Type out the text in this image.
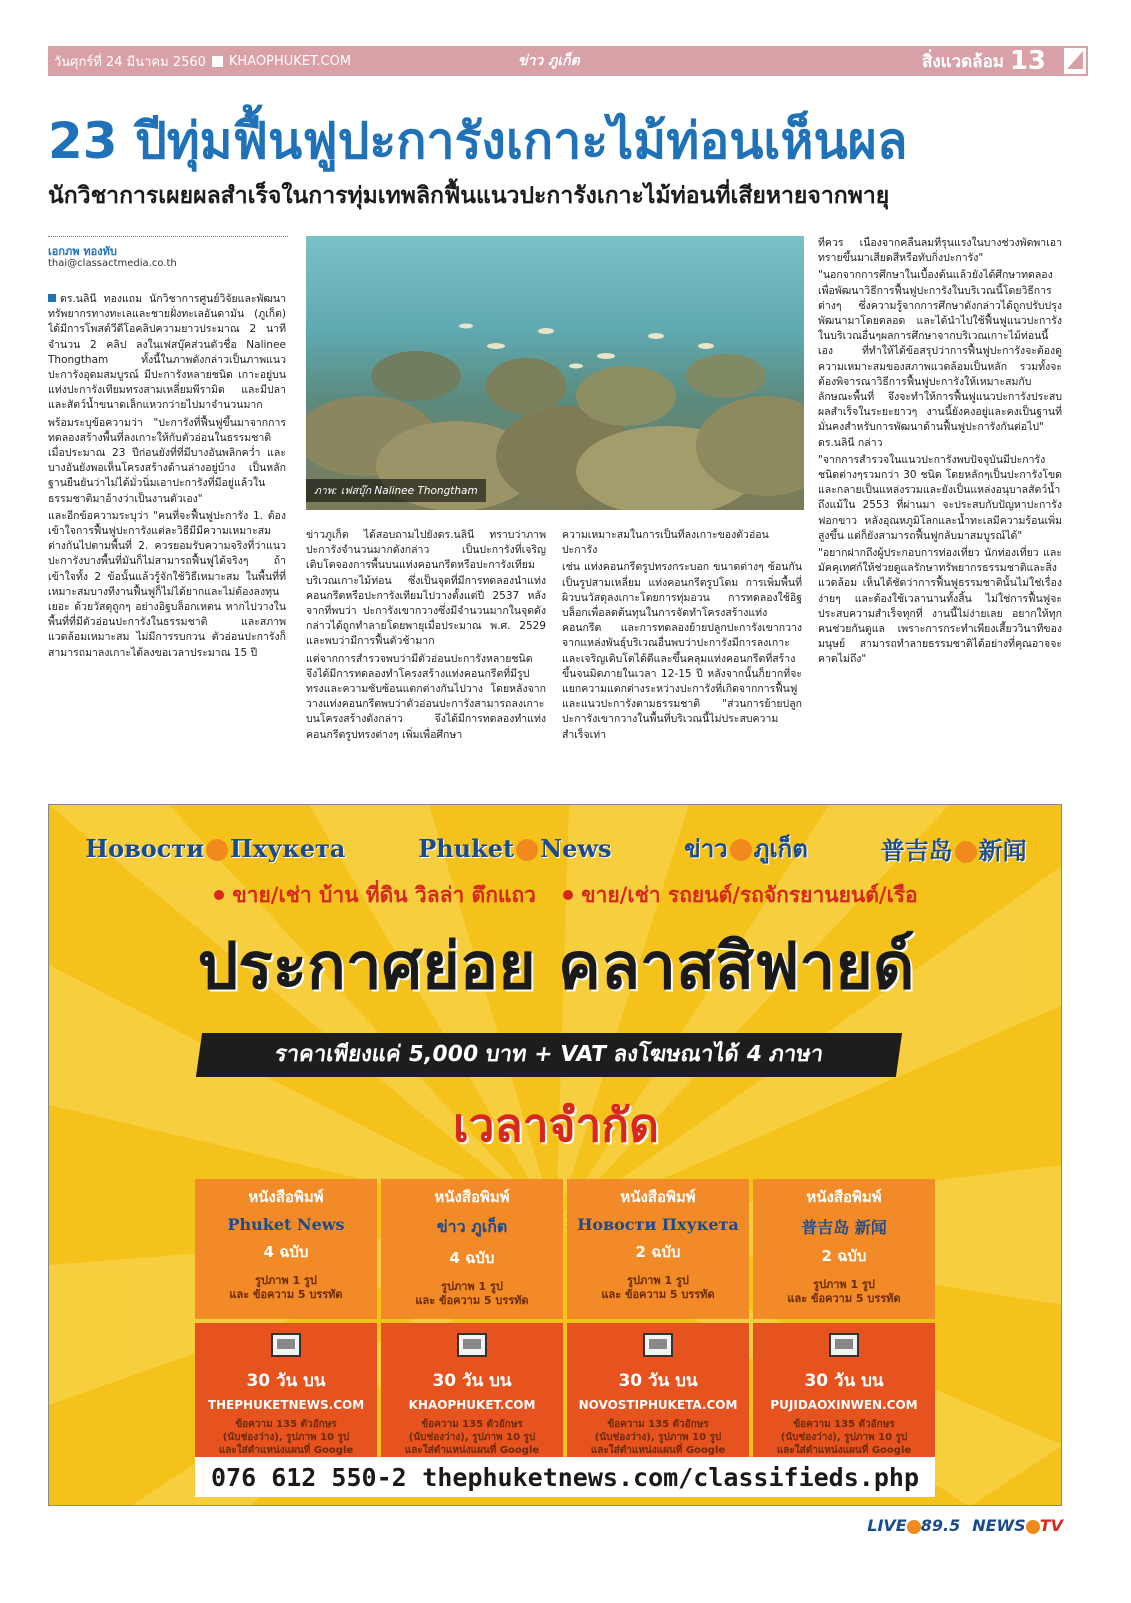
วันศุกร์ที่ 24 มีนาคม 2560 KHAOPHUKET.COM	ข่าว ภูเก็ต	สิ่งแวดล้อม 13
23 ปีทุ่มฟื้นฟูปะการังเกาะไม้ท่อนเห็นผล
นักวิชาการเผยผลสำเร็จในการทุ่มเทพลิกฟื้นแนวปะการังเกาะไม้ท่อนที่เสียหายจากพายุ
เอกภพ ทองทับ
thai@classactmedia.co.th

ดร.นลินี ทองแถม นักวิชาการศูนย์วิจัยและพัฒนาทรัพยากรทางทะเลและชายฝั่งทะเลอันดามัน (ภูเก็ต) ได้มีการโพสต์วีดีโอคลิปความยาวประมาณ 2 นาที จำนวน 2 คลิป ลงในเฟสบุ๊คส่วนตัวชื่อ Nalinee Thongtham ทั้งนี้ในภาพดังกล่าวเป็นภาพแนวปะการังอุดมสมบูรณ์ มีปะการังหลายชนิด เกาะอยู่บนแท่งปะการังเทียมทรงสามเหลี่ยมพีรามิด และมีปลาและสัตว์น้ำขนาดเล็กแหวกว่ายไปมาจำนวนมาก

พร้อมระบุข้อความว่า "ปะการังที่ฟื้นฟูขึ้นมาจากการทดลองสร้างพื้นที่ลงเกาะให้กับตัวอ่อนในธรรมชาติ เมื่อประมาณ 23 ปีก่อนยังที่ที่มีบางอันพลิกคว่ำ และบางอันยังพอเห็นโครงสร้างด้านล่างอยู่บ้าง เป็นหลักฐานยืนยันว่าไม่ได้มั่วนิ่มเอาปะการังที่มีอยู่แล้วในธรรมชาติมาอ้างว่าเป็นงานตัวเอง"

และอีกข้อความระบุว่า "คนที่จะฟื้นฟูปะการัง 1. ต้องเข้าใจการฟื้นฟูปะการังแต่ละวิธีมีมีความเหมาะสมต่างกันไปตามพื้นที่ 2. ควรยอมรับความจริงที่ว่าแนวปะการังบางพื้นที่มันก็ไม่สามารถฟื้นฟูได้จริงๆ ถ้าเข้าใจทั้ง 2 ข้อนั้นแล้วรู้จักใช้วิธีเหมาะสม ในพื้นที่ที่เหมาะสมบางทีงานฟื้นฟูก็ไม่ได้ยากและไม่ต้องลงทุนเยอะ ด้วยวัสดุถูกๆ อย่างอิฐบล็อกเหตน หากไปวางในพื้นที่ที่มีตัวอ่อนปะการังในธรรมชาติ และสภาพแวดล้อมเหมาะสม ไม่มีการรบกวน ตัวอ่อนปะการังก็สามารถมาลงเกาะได้ลงขอเวลาประมาณ 15 ปี

ภาพ: เฟสบุ๊ก Nalinee Thongtham

ข่าวภูเก็ต ได้สอบถามไปยังดร.นลินี ทราบว่าภาพปะการังจำนวนมากดังกล่าว เป็นปะการังที่เจริญเติบโตจองการพื้นบนแท่งคอนกรีตหรือปะการังเทียมบริเวณเกาะไม้ท่อน ซึ่งเป็นจุดที่มีการทดลองนำแท่งคอนกรีตหรือปะการังเทียมไปวางตั้งแต่ปี 2537 หลังจากที่พบว่า ปะการังเขากวางซึ่งมีจำนวนมากในจุดดังกล่าวได้ถูกทำลายโดยพายุเมื่อประมาณ พ.ศ. 2529 และพบว่ามีการฟื้นตัวช้ามาก

แต่จากการสำรวจพบว่ามีตัวอ่อนปะการังหลายชนิด จึงได้มีการทดลองทำโครงสร้างแท่งคอนกรีตที่มีรูปทรงและความซับซ้อนแตกต่างกันไปวาง โดยหลังจากวางแท่งคอนกรีตพบว่าตัวอ่อนปะการังสามารถลงเกาะบนโครงสร้างดังกล่าว จึงได้มีการทดลองทำแท่งคอนกรีตรูปทรงต่างๆ เพิ่มเพื่อศึกษา

ความเหมาะสมในการเป็นที่ลงเกาะของตัวอ่อนปะการัง

เช่น แท่งคอนกรีตรูปทรงกระบอก ขนาดต่างๆ ซ้อนกันเป็นรูปสามเหลี่ยม แท่งคอนกรีตรูปโดม การเพิ่มพื้นที่ผิวบนวัสดุลงเกาะโดยการทุ่มอวน การทดลองใช้อิฐบล็อกเพื่อลดต้นทุนในการจัดทำโครงสร้างแท่งคอนกรีต และการทดลองย้ายปลูกปะการังเขากวางจากแหล่งพันธุ์บริเวณอื่นพบว่าปะการังมีการลงเกาะและเจริญเติบโตได้ดีและขึ้นคลุมแท่งคอนกรีตที่สร้างขึ้นจนมิดภายในเวลา 12-15 ปี หลังจากนั้นก็ยากที่จะแยกความแตกต่างระหว่างปะการังที่เกิดจากการฟื้นฟูและแนวปะการังตามธรรมชาติ "ส่วนการย้ายปลูกปะการังเขากวางในพื้นที่บริเวณนี้ไม่ประสบความสำเร็จเท่า

ที่ควร เนื่องจากคลื่นลมที่รุนแรงในบางช่วงพัดพาเอาทรายขึ้นมาเสียดสีหรือทับกิ่งปะการัง"

"นอกจากการศึกษาในเบื้องต้นแล้วยังได้ศึกษาทดลองเพื่อพัฒนาวิธีการฟื้นฟูปะการังในบริเวณนี้โดยวิธีการต่างๆ ซึ่งความรู้จากการศึกษาดังกล่าวได้ถูกปรับปรุงพัฒนามาโดยตลอด และได้นำไปใช้ฟื้นฟูแนวปะการังในบริเวณอื่นๆผลการศึกษาจากบริเวณเกาะไม้ท่อนนี้เอง ที่ทำให้ได้ข้อสรุปว่าการฟื้นฟูปะการังจะต้องดูความเหมาะสมของสภาพแวดล้อมเป็นหลัก รวมทั้งจะต้องพิจารณาวิธีการฟื้นฟูปะการังให้เหมาะสมกับลักษณะพื้นที่ จึงจะทำให้การฟื้นฟูแนวปะการังประสบผลสำเร็จในระยะยาวๆ งานนี้ยังคงอยู่และคงเป็นฐานที่มั่นคงสำหรับการพัฒนาด้านฟื้นฟูปะการังกันต่อไป" ดร.นลินี กล่าว

"จากการสำรวจในแนวปะการังพบปัจจุบันมีปะการังชนิดต่างๆรวมกว่า 30 ชนิด โดยหลักๆเป็นปะการังโขด และกลายเป็นแหล่งรวมและยังเป็นแหล่งอนุบาลสัตว์น้ำ ถึงแม้ใน 2553 ที่ผ่านมา จะประสบกับปัญหาปะการังฟอกขาว หลังอุณหภูมิโลกและน้ำทะเลมีความร้อนเพิ่มสูงขึ้น แต่ก็ยังสามารถฟื้นฟูกลับมาสมบูรณ์ได้"

"อยากฝากถึงผู้ประกอบการท่องเที่ยว นักท่องเที่ยว และมัคคุเทศก์ให้ช่วยดูแลรักษาทรัพยากรธรรมชาติและสิ่งแวดล้อม เห็นได้ชัดว่าการฟื้นฟูธรรมชาตินั้นไม่ใช่เรื่องง่ายๆ และต้องใช้เวลานานทั้งสิ้น ไม่ใช่การฟื้นฟูจะประสบความสำเร็จทุกที่ งานนี้ไม่ง่ายเลย อยากให้ทุกคนช่วยกันดูแล เพราะการกระทำเพียงเสี้ยววินาทีของมนุษย์ สามารถทำลายธรรมชาติได้อย่างที่คุณอาจจะคาดไม่ถึง"

Новости Пхукета	Phuket News	ข่าว ภูเก็ต	普吉岛 新闻
ขาย/เช่า บ้าน ที่ดิน วิลล่า ตึกแถว ขาย/เช่า รถยนต์/รถจักรยานยนต์/เรือ
ประกาศย่อย คลาสสิฟายด์
ราคาเพียงแค่ 5,000 บาท + VAT ลงโฆษณาได้ 4 ภาษา
เวลาจำกัด
หนังสือพิมพ์
Phuket News
4 ฉบับ
รูปภาพ 1 รูป
และ ข้อความ 5 บรรทัด
30 วัน บน
THEPHUKETNEWS.COM
ข้อความ 135 ตัวอักษร
(นับช่องว่าง), รูปภาพ 10 รูป
และใส่ตำแหน่งแผนที่ Google
หนังสือพิมพ์
ข่าว ภูเก็ต
4 ฉบับ
รูปภาพ 1 รูป
และ ข้อความ 5 บรรทัด
30 วัน บน
KHAOPHUKET.COM
ข้อความ 135 ตัวอักษร
(นับช่องว่าง), รูปภาพ 10 รูป
และใส่ตำแหน่งแผนที่ Google
หนังสือพิมพ์
Новости Пхукета
2 ฉบับ
รูปภาพ 1 รูป
และ ข้อความ 5 บรรทัด
30 วัน บน
NOVOSTIPHUKETA.COM
ข้อความ 135 ตัวอักษร
(นับช่องว่าง), รูปภาพ 10 รูป
และใส่ตำแหน่งแผนที่ Google
หนังสือพิมพ์
普吉岛 新闻
2 ฉบับ
รูปภาพ 1 รูป
และ ข้อความ 5 บรรทัด
30 วัน บน
PUJIDAOXINWEN.COM
ข้อความ 135 ตัวอักษร
(นับช่องว่าง), รูปภาพ 10 รูป
และใส่ตำแหน่งแผนที่ Google
076 612 550-2 thephuketnews.com/classifieds.php
LIVE 89.5 NEWS TV
